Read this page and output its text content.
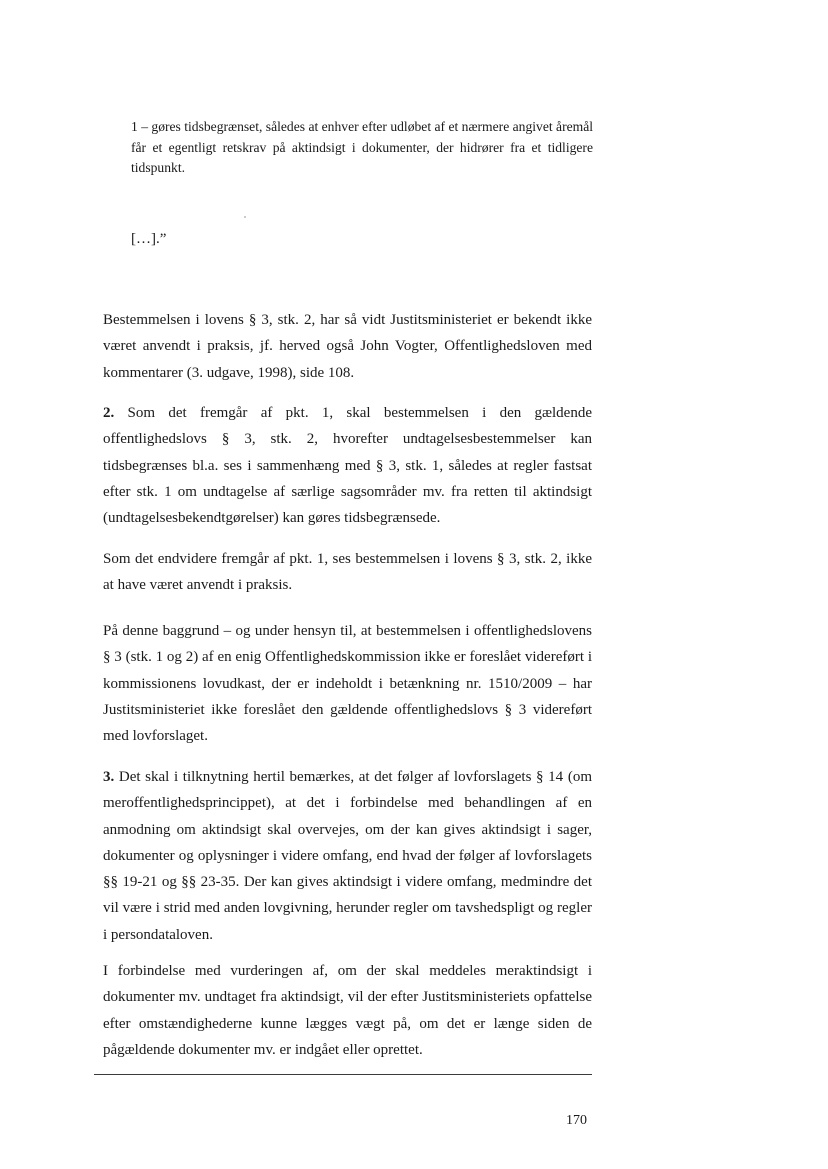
1 – gøres tidsbegrænset, således at enhver efter udløbet af et nærmere angivet åremål får et egentligt retskrav på aktindsigt i dokumenter, der hidrører fra et tidligere tidspunkt.
[…].”

Bestemmelsen i lovens § 3, stk. 2, har så vidt Justitsministeriet er bekendt ikke været anvendt i praksis, jf. herved også John Vogter, Offentlighedsloven med kommentarer (3. udgave, 1998), side 108.

2. Som det fremgår af pkt. 1, skal bestemmelsen i den gældende offentlighedslovs § 3, stk. 2, hvorefter undtagelsesbestemmelser kan tidsbegrænses bl.a. ses i sammenhæng med § 3, stk. 1, således at regler fastsat efter stk. 1 om undtagelse af særlige sagsområder mv. fra retten til aktindsigt (undtagelsesbekendtgørelser) kan gøres tidsbegrænsede.

Som det endvidere fremgår af pkt. 1, ses bestemmelsen i lovens § 3, stk. 2, ikke at have været anvendt i praksis.

På denne baggrund – og under hensyn til, at bestemmelsen i offentlighedslovens § 3 (stk. 1 og 2) af en enig Offentlighedskommission ikke er foreslået videreført i kommissionens lovudkast, der er indeholdt i betænkning nr. 1510/2009 – har Justitsministeriet ikke foreslået den gældende offentlighedslovs § 3 videreført med lovforslaget.

3. Det skal i tilknytning hertil bemærkes, at det følger af lovforslagets § 14 (om meroffentlighedsprincippet), at det i forbindelse med behandlingen af en anmodning om aktindsigt skal overvejes, om der kan gives aktindsigt i sager, dokumenter og oplysninger i videre omfang, end hvad der følger af lovforslagets §§ 19-21 og §§ 23-35. Der kan gives aktindsigt i videre omfang, medmindre det vil være i strid med anden lovgivning, herunder regler om tavshedspligt og regler i persondataloven.

I forbindelse med vurderingen af, om der skal meddeles meraktindsigt i dokumenter mv. undtaget fra aktindsigt, vil der efter Justitsministeriets opfattelse efter omstændighederne kunne lægges vægt på, om det er længe siden de pågældende dokumenter mv. er indgået eller oprettet.

170
